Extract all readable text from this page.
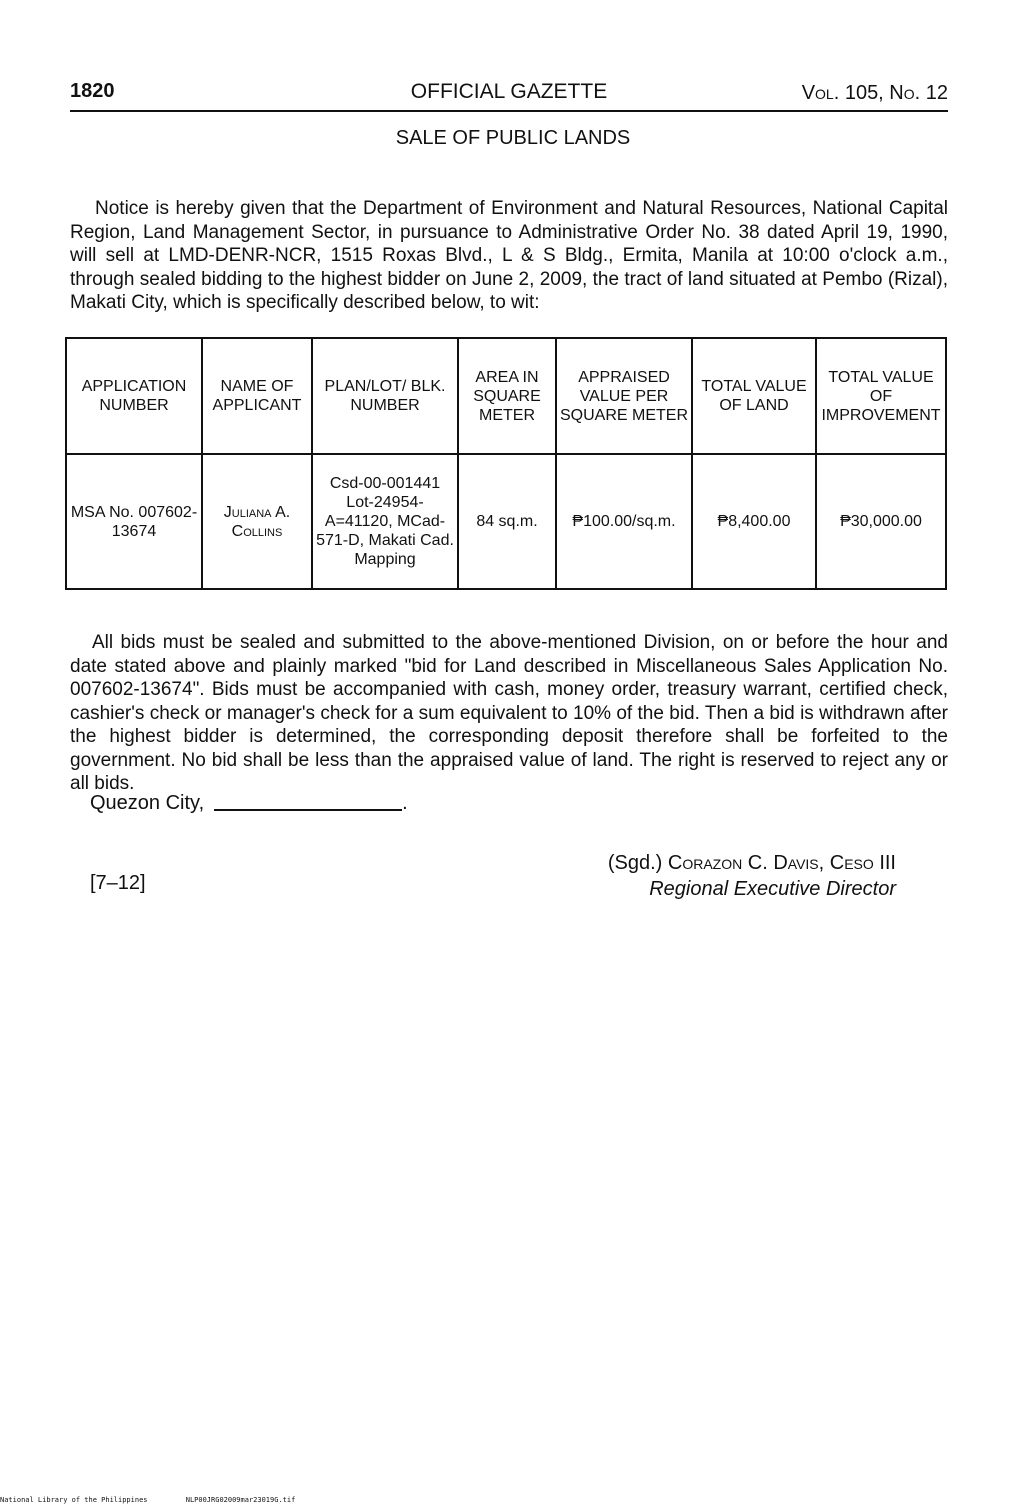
1820	OFFICIAL GAZETTE	Vol. 105, No. 12
SALE OF PUBLIC LANDS

Notice is hereby given that the Department of Environment and Natural Resources, National Capital Region, Land Management Sector, in pursuance to Administrative Order No. 38 dated April 19, 1990, will sell at LMD-DENR-NCR, 1515 Roxas Blvd., L & S Bldg., Ermita, Manila at 10:00 o'clock a.m., through sealed bidding to the highest bidder on June 2, 2009, the tract of land situated at Pembo (Rizal), Makati City, which is specifically described below, to wit:

APPLICATION NUMBER	NAME OF APPLICANT	PLAN/LOT/ BLK. NUMBER	AREA IN SQUARE METER	APPRAISED VALUE PER SQUARE METER	TOTAL VALUE OF LAND	TOTAL VALUE OF IMPROVEMENT
MSA No. 007602-13674	Juliana A. Collins	Csd-00-001441 Lot-24954-A=41120, MCad-571-D, Makati Cad. Mapping	84 sq.m.	₱100.00/sq.m.	₱8,400.00	₱30,000.00

All bids must be sealed and submitted to the above-mentioned Division, on or before the hour and date stated above and plainly marked "bid for Land described in Miscellaneous Sales Application No. 007602-13674". Bids must be accompanied with cash, money order, treasury warrant, certified check, cashier's check or manager's check for a sum equivalent to 10% of the bid. Then a bid is withdrawn after the highest bidder is determined, the corresponding deposit therefore shall be forfeited to the government. No bid shall be less than the appraised value of land. The right is reserved to reject any or all bids.

Quezon City,	.
[7–12]
(Sgd.) Corazon C. Davis, Ceso III
Regional Executive Director
National Library of the Philippines	NLP00JRG02009mar23019G.tif
